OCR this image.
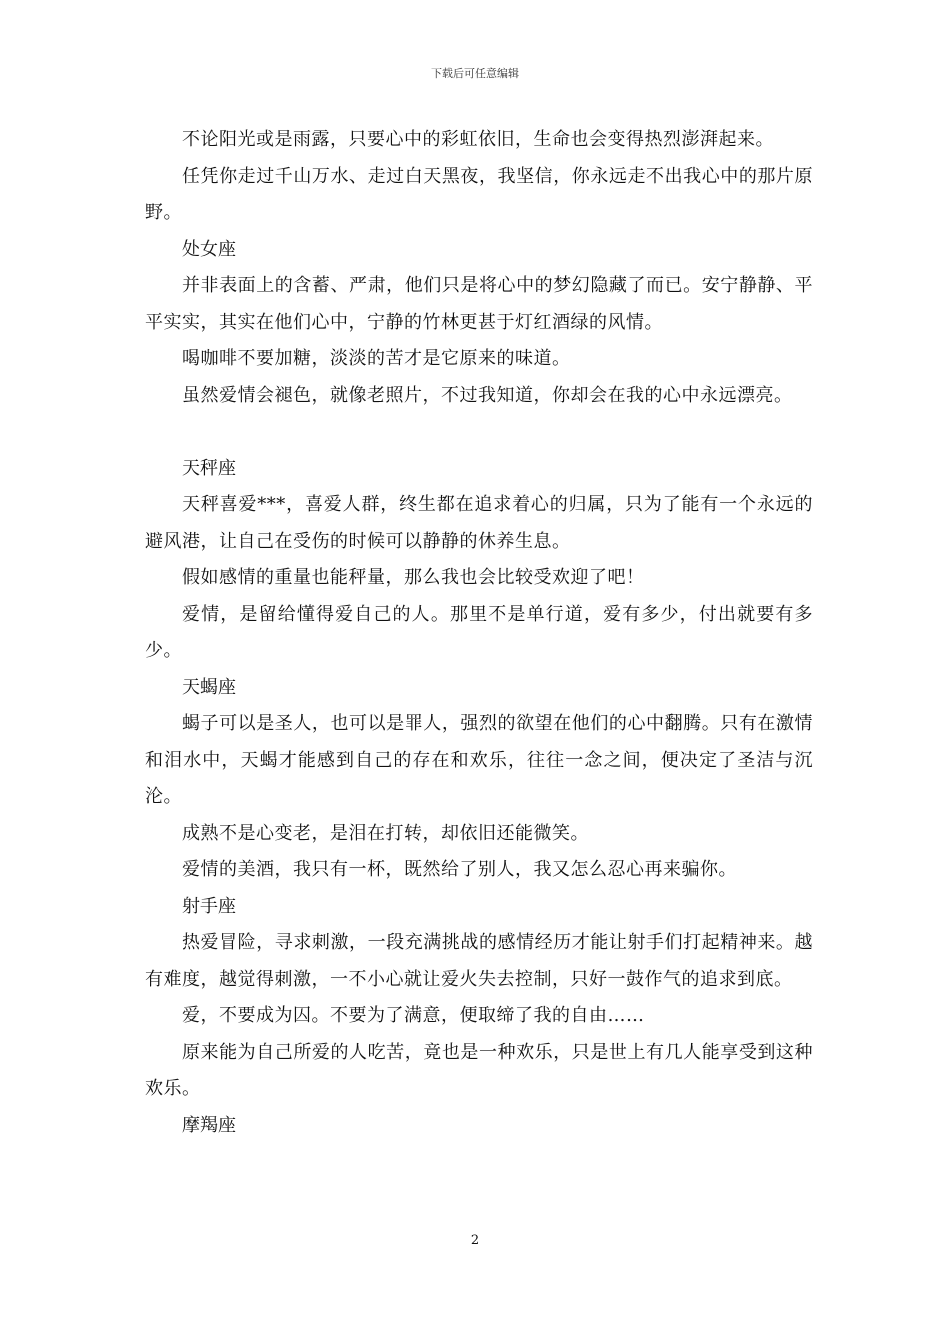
下载后可任意编辑

不论阳光或是雨露，只要心中的彩虹依旧，生命也会变得热烈澎湃起来。

任凭你走过千山万水、走过白天黑夜，我坚信，你永远走不出我心中的那片原野。

处女座

并非表面上的含蓄、严肃，他们只是将心中的梦幻隐藏了而已。安宁静静、平平实实，其实在他们心中，宁静的竹林更甚于灯红酒绿的风情。

喝咖啡不要加糖，淡淡的苦才是它原来的味道。

虽然爱情会褪色，就像老照片，不过我知道，你却会在我的心中永远漂亮。

天秤座

天秤喜爱***，喜爱人群，终生都在追求着心的归属，只为了能有一个永远的避风港，让自己在受伤的时候可以静静的休养生息。

假如感情的重量也能秤量，那么我也会比较受欢迎了吧！

爱情，是留给懂得爱自己的人。那里不是单行道，爱有多少，付出就要有多少。

天蝎座

蝎子可以是圣人，也可以是罪人，强烈的欲望在他们的心中翻腾。只有在激情和泪水中，天蝎才能感到自己的存在和欢乐，往往一念之间，便决定了圣洁与沉沦。

成熟不是心变老，是泪在打转，却依旧还能微笑。

爱情的美酒，我只有一杯，既然给了别人，我又怎么忍心再来骗你。

射手座

热爱冒险，寻求刺激，一段充满挑战的感情经历才能让射手们打起精神来。越有难度，越觉得刺激，一不小心就让爱火失去控制，只好一鼓作气的追求到底。

爱，不要成为囚。不要为了满意，便取缔了我的自由……

原来能为自己所爱的人吃苦，竟也是一种欢乐，只是世上有几人能享受到这种欢乐。

摩羯座

2
